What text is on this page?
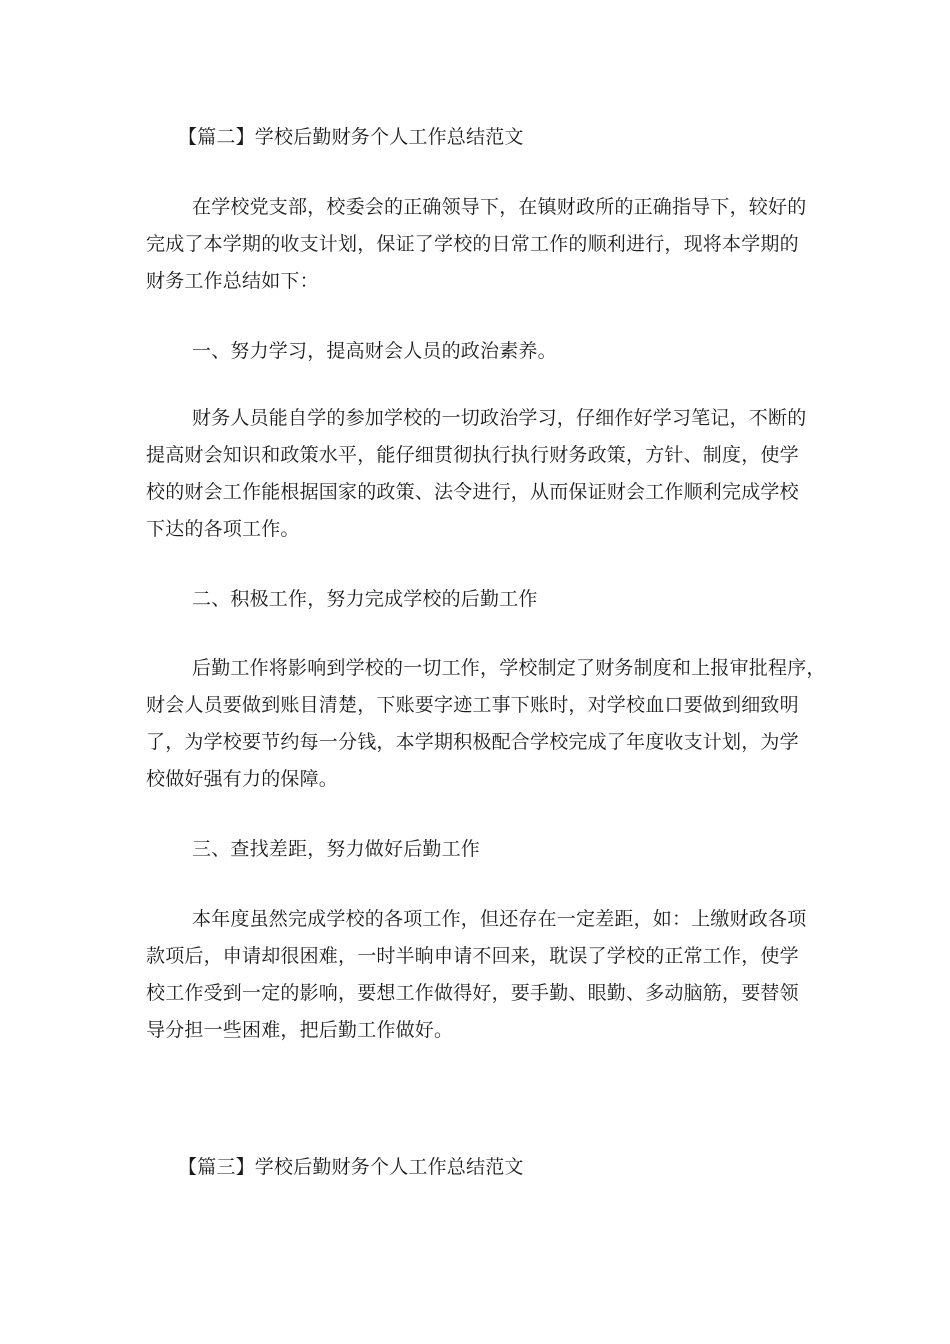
【篇二】学校后勤财务个人工作总结范文
在学校党支部，校委会的正确领导下，在镇财政所的正确指导下，较好的
完成了本学期的收支计划，保证了学校的日常工作的顺利进行，现将本学期的
财务工作总结如下：
一、努力学习，提高财会人员的政治素养。
财务人员能自学的参加学校的一切政治学习，仔细作好学习笔记，不断的
提高财会知识和政策水平，能仔细贯彻执行执行财务政策，方针、制度，使学
校的财会工作能根据国家的政策、法令进行，从而保证财会工作顺利完成学校
下达的各项工作。
二、积极工作，努力完成学校的后勤工作
后勤工作将影响到学校的一切工作，学校制定了财务制度和上报审批程序，
财会人员要做到账目清楚，下账要字迹工事下账时，对学校血口要做到细致明
了，为学校要节约每一分钱，本学期积极配合学校完成了年度收支计划，为学
校做好强有力的保障。
三、查找差距，努力做好后勤工作
本年度虽然完成学校的各项工作，但还存在一定差距，如：上缴财政各项
款项后，申请却很困难，一时半晌申请不回来，耽误了学校的正常工作，使学
校工作受到一定的影响，要想工作做得好，要手勤、眼勤、多动脑筋，要替领
导分担一些困难，把后勤工作做好。
【篇三】学校后勤财务个人工作总结范文
